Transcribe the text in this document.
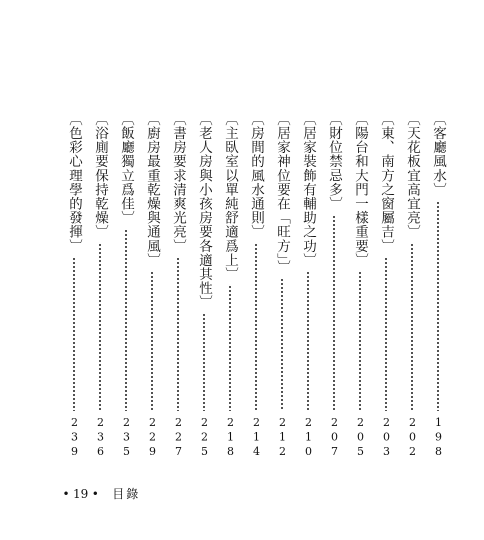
〔客廳風水〕
198
〔天花板宜高宜亮〕
202
〔東、南方之窗屬吉〕
203
〔陽台和大門一樣重要〕
205
〔財位禁忌多〕
207
〔居家裝飾有輔助之功〕
210
〔居家神位要在「旺方」〕
212
〔房間的風水通則〕
214
〔主臥室以單純舒適爲上〕
218
〔老人房與小孩房要各適其性〕
225
〔書房要求清爽光亮〕
227
〔廚房最重乾燥與通風〕
229
〔飯廳獨立爲佳〕
235
〔浴廁要保持乾燥〕
236
〔色彩心理學的發揮〕
239
• 19 • 目錄
